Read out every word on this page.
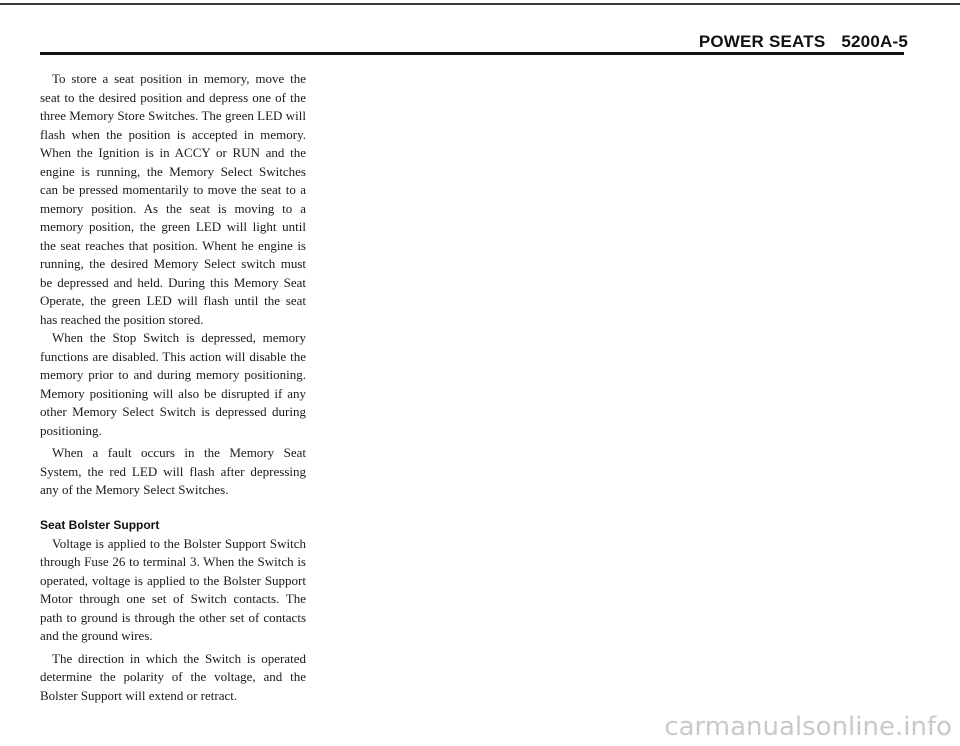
POWER SEATS 5200A-5

To store a seat position in memory, move the seat to the desired position and depress one of the three Memory Store Switches. The green LED will flash when the position is accepted in memory. When the Ignition is in ACCY or RUN and the engine is running, the Memory Select Switches can be pressed momentarily to move the seat to a memory position. As the seat is moving to a memory position, the green LED will light until the seat reaches that position. Whent he engine is running, the desired Memory Select switch must be depressed and held. During this Memory Seat Operate, the green LED will flash until the seat has reached the position stored.

When the Stop Switch is depressed, memory functions are disabled. This action will disable the memory prior to and during memory positioning. Memory positioning will also be disrupted if any other Memory Select Switch is depressed during positioning.

When a fault occurs in the Memory Seat System, the red LED will flash after depressing any of the Memory Select Switches.

Seat Bolster Support

Voltage is applied to the Bolster Support Switch through Fuse 26 to terminal 3. When the Switch is operated, voltage is applied to the Bolster Support Motor through one set of Switch contacts. The path to ground is through the other set of contacts and the ground wires.

The direction in which the Switch is operated determine the polarity of the voltage, and the Bolster Support will extend or retract.

carmanualsonline.info
